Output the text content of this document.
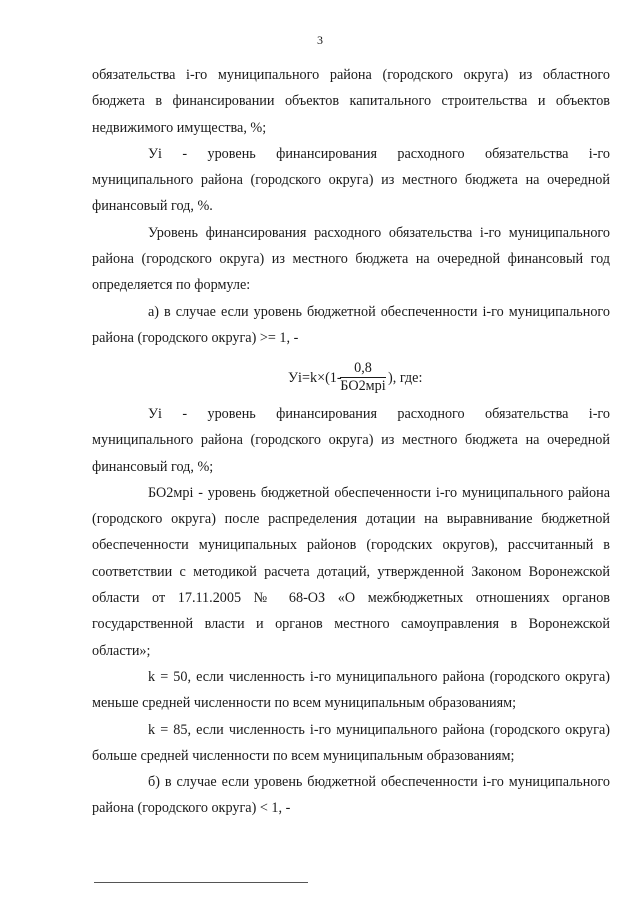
3

обязательства i-го муниципального района (городского округа) из областного бюджета в финансировании объектов капитального строительства и объектов недвижимого имущества, %;

Уi - уровень финансирования расходного обязательства i-го муниципального района (городского округа) из местного бюджета на очередной финансовый год, %.

Уровень финансирования расходного обязательства i-го муниципального района (городского округа) из местного бюджета на очередной финансовый год определяется по формуле:

а) в случае если уровень бюджетной обеспеченности i-го муниципального района (городского округа) >= 1, -

Уi=k×(1-
0,8
БО2мрi ), где:

Уi - уровень финансирования расходного обязательства i-го муниципального района (городского округа) из местного бюджета на очередной финансовый год, %;

БО2мрi - уровень бюджетной обеспеченности i-го муниципального района (городского округа) после распределения дотации на выравнивание бюджетной обеспеченности муниципальных районов (городских округов), рассчитанный в соответствии с методикой расчета дотаций, утвержденной Законом Воронежской области от 17.11.2005 № 68-ОЗ «О межбюджетных отношениях органов государственной власти и органов местного самоуправления в Воронежской области»;

k = 50, если численность i-го муниципального района (городского округа) меньше средней численности по всем муниципальным образованиям;

k = 85, если численность i-го муниципального района (городского округа) больше средней численности по всем муниципальным образованиям;

б) в случае если уровень бюджетной обеспеченности i-го муниципального района (городского округа) < 1, -
